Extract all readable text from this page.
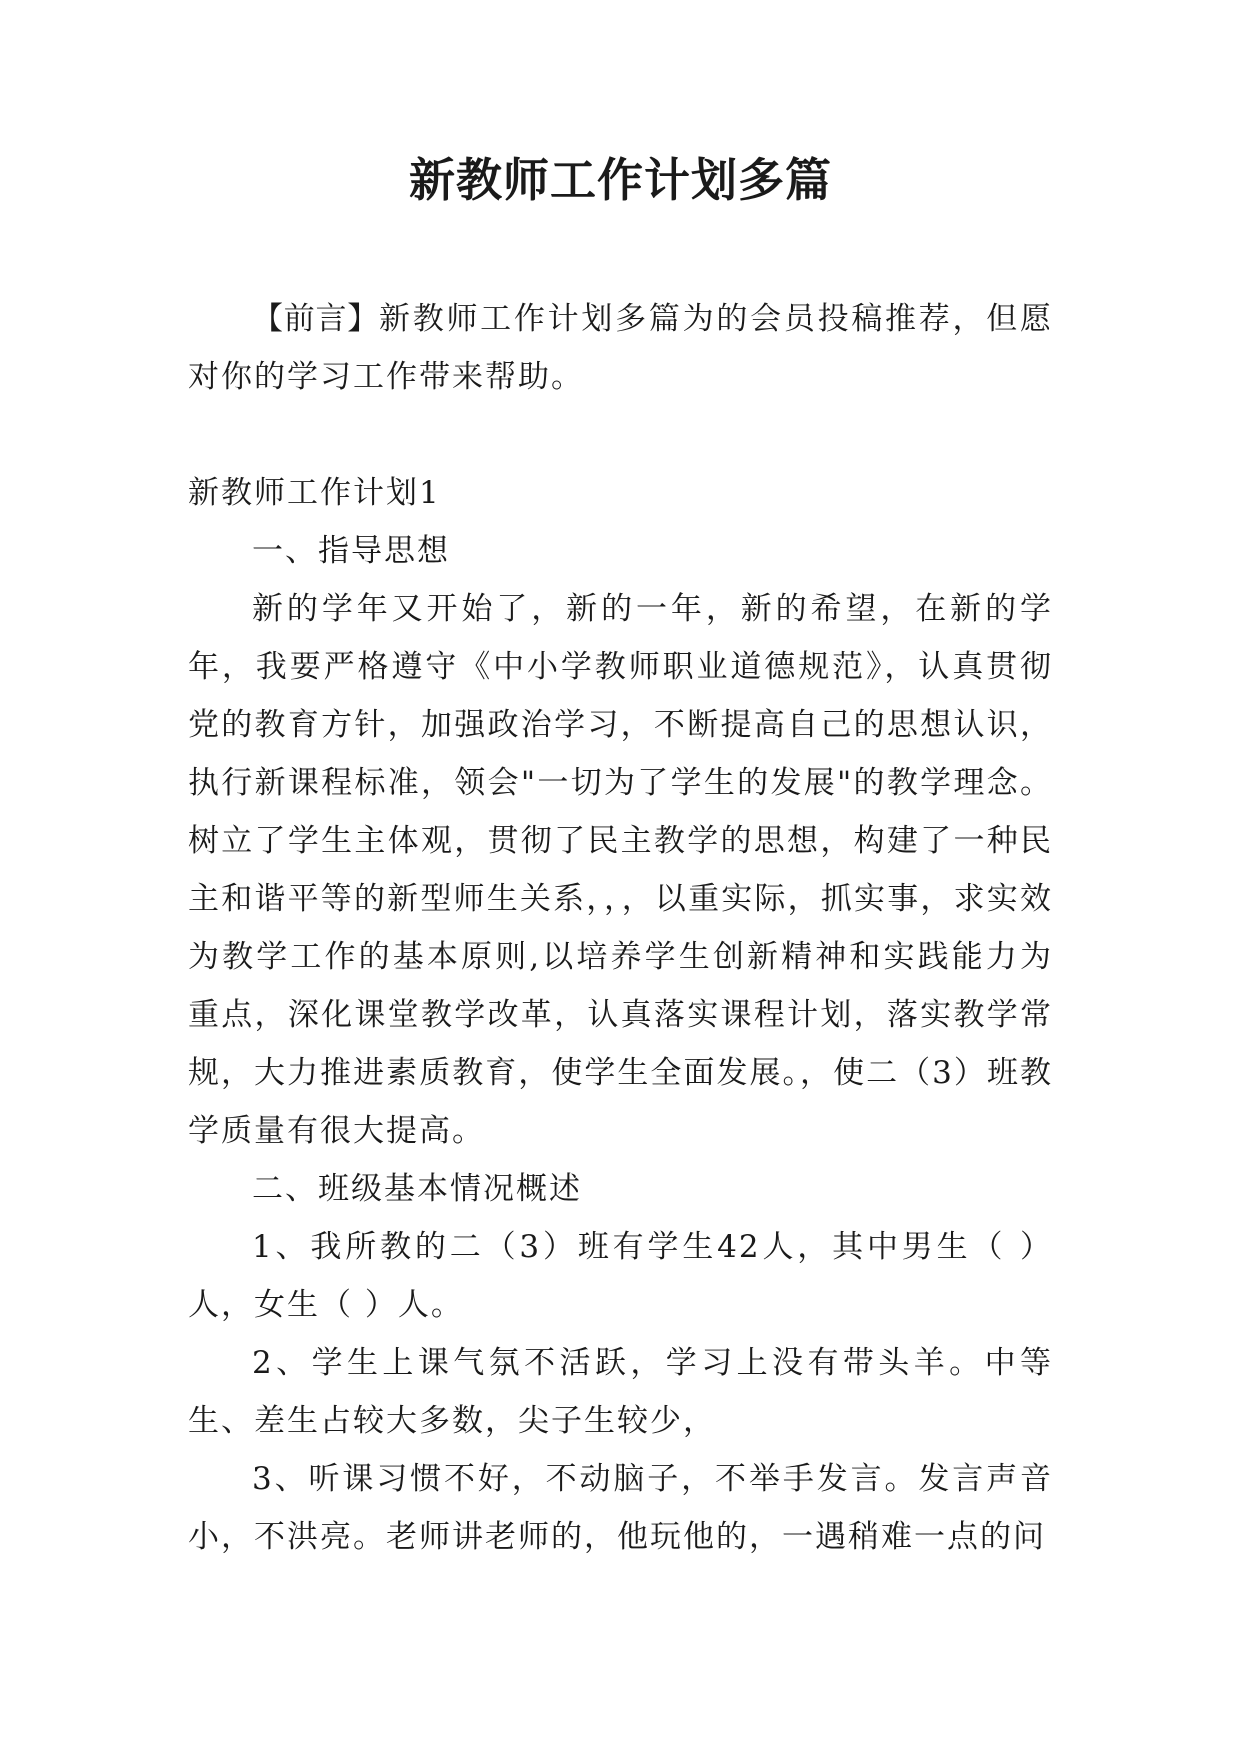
新教师工作计划多篇

【前言】新教师工作计划多篇为的会员投稿推荐，但愿对你的学习工作带来帮助。

新教师工作计划1

一、指导思想

新的学年又开始了，新的一年，新的希望，在新的学年，我要严格遵守《中小学教师职业道德规范》，认真贯彻党的教育方针，加强政治学习，不断提高自己的思想认识，执行新课程标准，领会"一切为了学生的发展"的教学理念。树立了学生主体观，贯彻了民主教学的思想，构建了一种民主和谐平等的新型师生关系，，，以重实际，抓实事，求实效为教学工作的基本原则,以培养学生创新精神和实践能力为重点，深化课堂教学改革，认真落实课程计划，落实教学常规，大力推进素质教育，使学生全面发展。，使二（3）班教学质量有很大提高。

二、班级基本情况概述

1、我所教的二（3）班有学生42人，其中男生（ ）人，女生（ ）人。

2、学生上课气氛不活跃，学习上没有带头羊。中等生、差生占较大多数，尖子生较少，

3、听课习惯不好，不动脑子，不举手发言。发言声音小，不洪亮。老师讲老师的，他玩他的，一遇稍难一点的问
